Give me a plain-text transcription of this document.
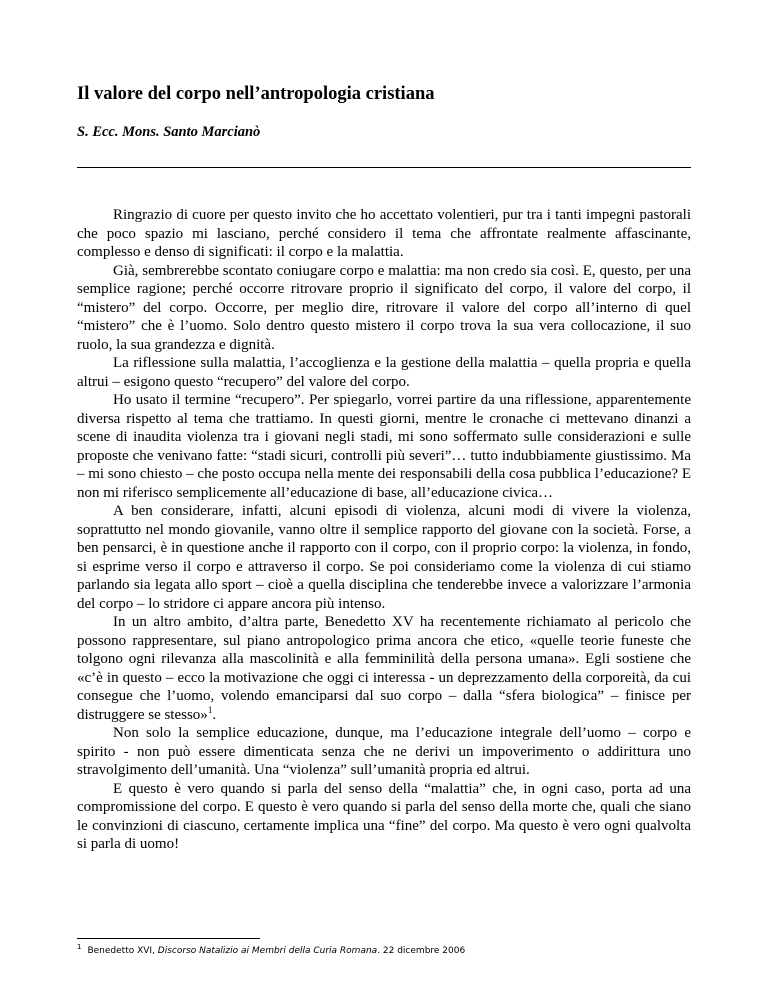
Il valore del corpo nell’antropologia cristiana

S. Ecc. Mons. Santo Marcianò

Ringrazio di cuore per questo invito che ho accettato volentieri, pur tra i tanti impegni pastorali che poco spazio mi lasciano, perché considero il tema che affrontate realmente affascinante, complesso e denso di significati: il corpo e la malattia.

Già, sembrerebbe scontato coniugare corpo e malattia: ma non credo sia così. E, questo, per una semplice ragione; perché occorre ritrovare proprio il significato del corpo, il valore del corpo, il “mistero” del corpo. Occorre, per meglio dire, ritrovare il valore del corpo all’interno di quel “mistero” che è l’uomo. Solo dentro questo mistero il corpo trova la sua vera collocazione, il suo ruolo, la sua grandezza e dignità.

La riflessione sulla malattia, l’accoglienza e la gestione della malattia – quella propria e quella altrui – esigono questo “recupero” del valore del corpo.

Ho usato il termine “recupero”. Per spiegarlo, vorrei partire da una riflessione, apparentemente diversa rispetto al tema che trattiamo. In questi giorni, mentre le cronache ci mettevano dinanzi a scene di inaudita violenza tra i giovani negli stadi, mi sono soffermato sulle considerazioni e sulle proposte che venivano fatte: “stadi sicuri, controlli più severi”… tutto indubbiamente giustissimo. Ma – mi sono chiesto – che posto occupa nella mente dei responsabili della cosa pubblica l’educazione? E non mi riferisco semplicemente all’educazione di base, all’educazione civica…

A ben considerare, infatti, alcuni episodi di violenza, alcuni modi di vivere la violenza, soprattutto nel mondo giovanile, vanno oltre il semplice rapporto del giovane con la società. Forse, a ben pensarci, è in questione anche il rapporto con il corpo, con il proprio corpo: la violenza, in fondo, si esprime verso il corpo e attraverso il corpo. Se poi consideriamo come la violenza di cui stiamo parlando sia legata allo sport – cioè a quella disciplina che tenderebbe invece a valorizzare l’armonia del corpo – lo stridore ci appare ancora più intenso.

In un altro ambito, d’altra parte, Benedetto XV ha recentemente richiamato al pericolo che possono rappresentare, sul piano antropologico prima ancora che etico, «quelle teorie funeste che tolgono ogni rilevanza alla mascolinità e alla femminilità della persona umana». Egli sostiene che «c’è in questo – ecco la motivazione che oggi ci interessa - un deprezzamento della corporeità, da cui consegue che l’uomo, volendo emanciparsi dal suo corpo – dalla “sfera biologica” – finisce per distruggere se stesso»$^1$.

Non solo la semplice educazione, dunque, ma l’educazione integrale dell’uomo – corpo e spirito - non può essere dimenticata senza che ne derivi un impoverimento o addirittura uno stravolgimento dell’umanità. Una “violenza” sull’umanità propria ed altrui.

E questo è vero quando si parla del senso della “malattia” che, in ogni caso, porta ad una compromissione del corpo. E questo è vero quando si parla del senso della morte che, quali che siano le convinzioni di ciascuno, certamente implica una “fine” del corpo. Ma questo è vero ogni qualvolta si parla di uomo!

$^1$ Benedetto XVI, Discorso Natalizio ai Membri della Curia Romana. 22 dicembre 2006
